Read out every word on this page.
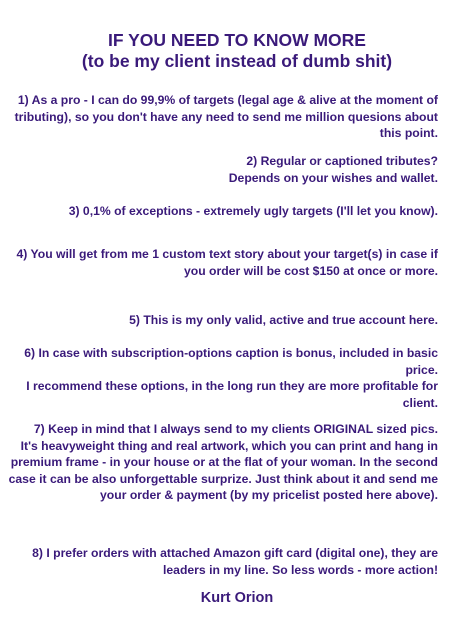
IF YOU NEED TO KNOW MORE
(to be my client instead of dumb shit)

1) As a pro - I can do 99,9% of targets (legal age & alive at the moment of tributing), so you don't have any need to send me million quesions about this point.

2) Regular or captioned tributes?

Depends on your wishes and wallet.

3) 0,1% of exceptions - extremely ugly targets (I'll let you know).

4) You will get from me 1 custom text story about your target(s) in case if you order will be cost $150 at once or more.

5) This is my only valid, active and true account here.

6) In case with subscription-options caption is bonus, included in basic price.

I recommend these options, in the long run they are more profitable for client.

7) Keep in mind that I always send to my clients ORIGINAL sized pics.

It's heavyweight thing and real artwork, which you can print and hang in premium frame - in your house or at the flat of your woman. In the second case it can be also unforgettable surprize. Just think about it and send me your order & payment (by my pricelist posted here above).

8) I prefer orders with attached Amazon gift card (digital one), they are leaders in my line. So less words - more action!

Kurt Orion
